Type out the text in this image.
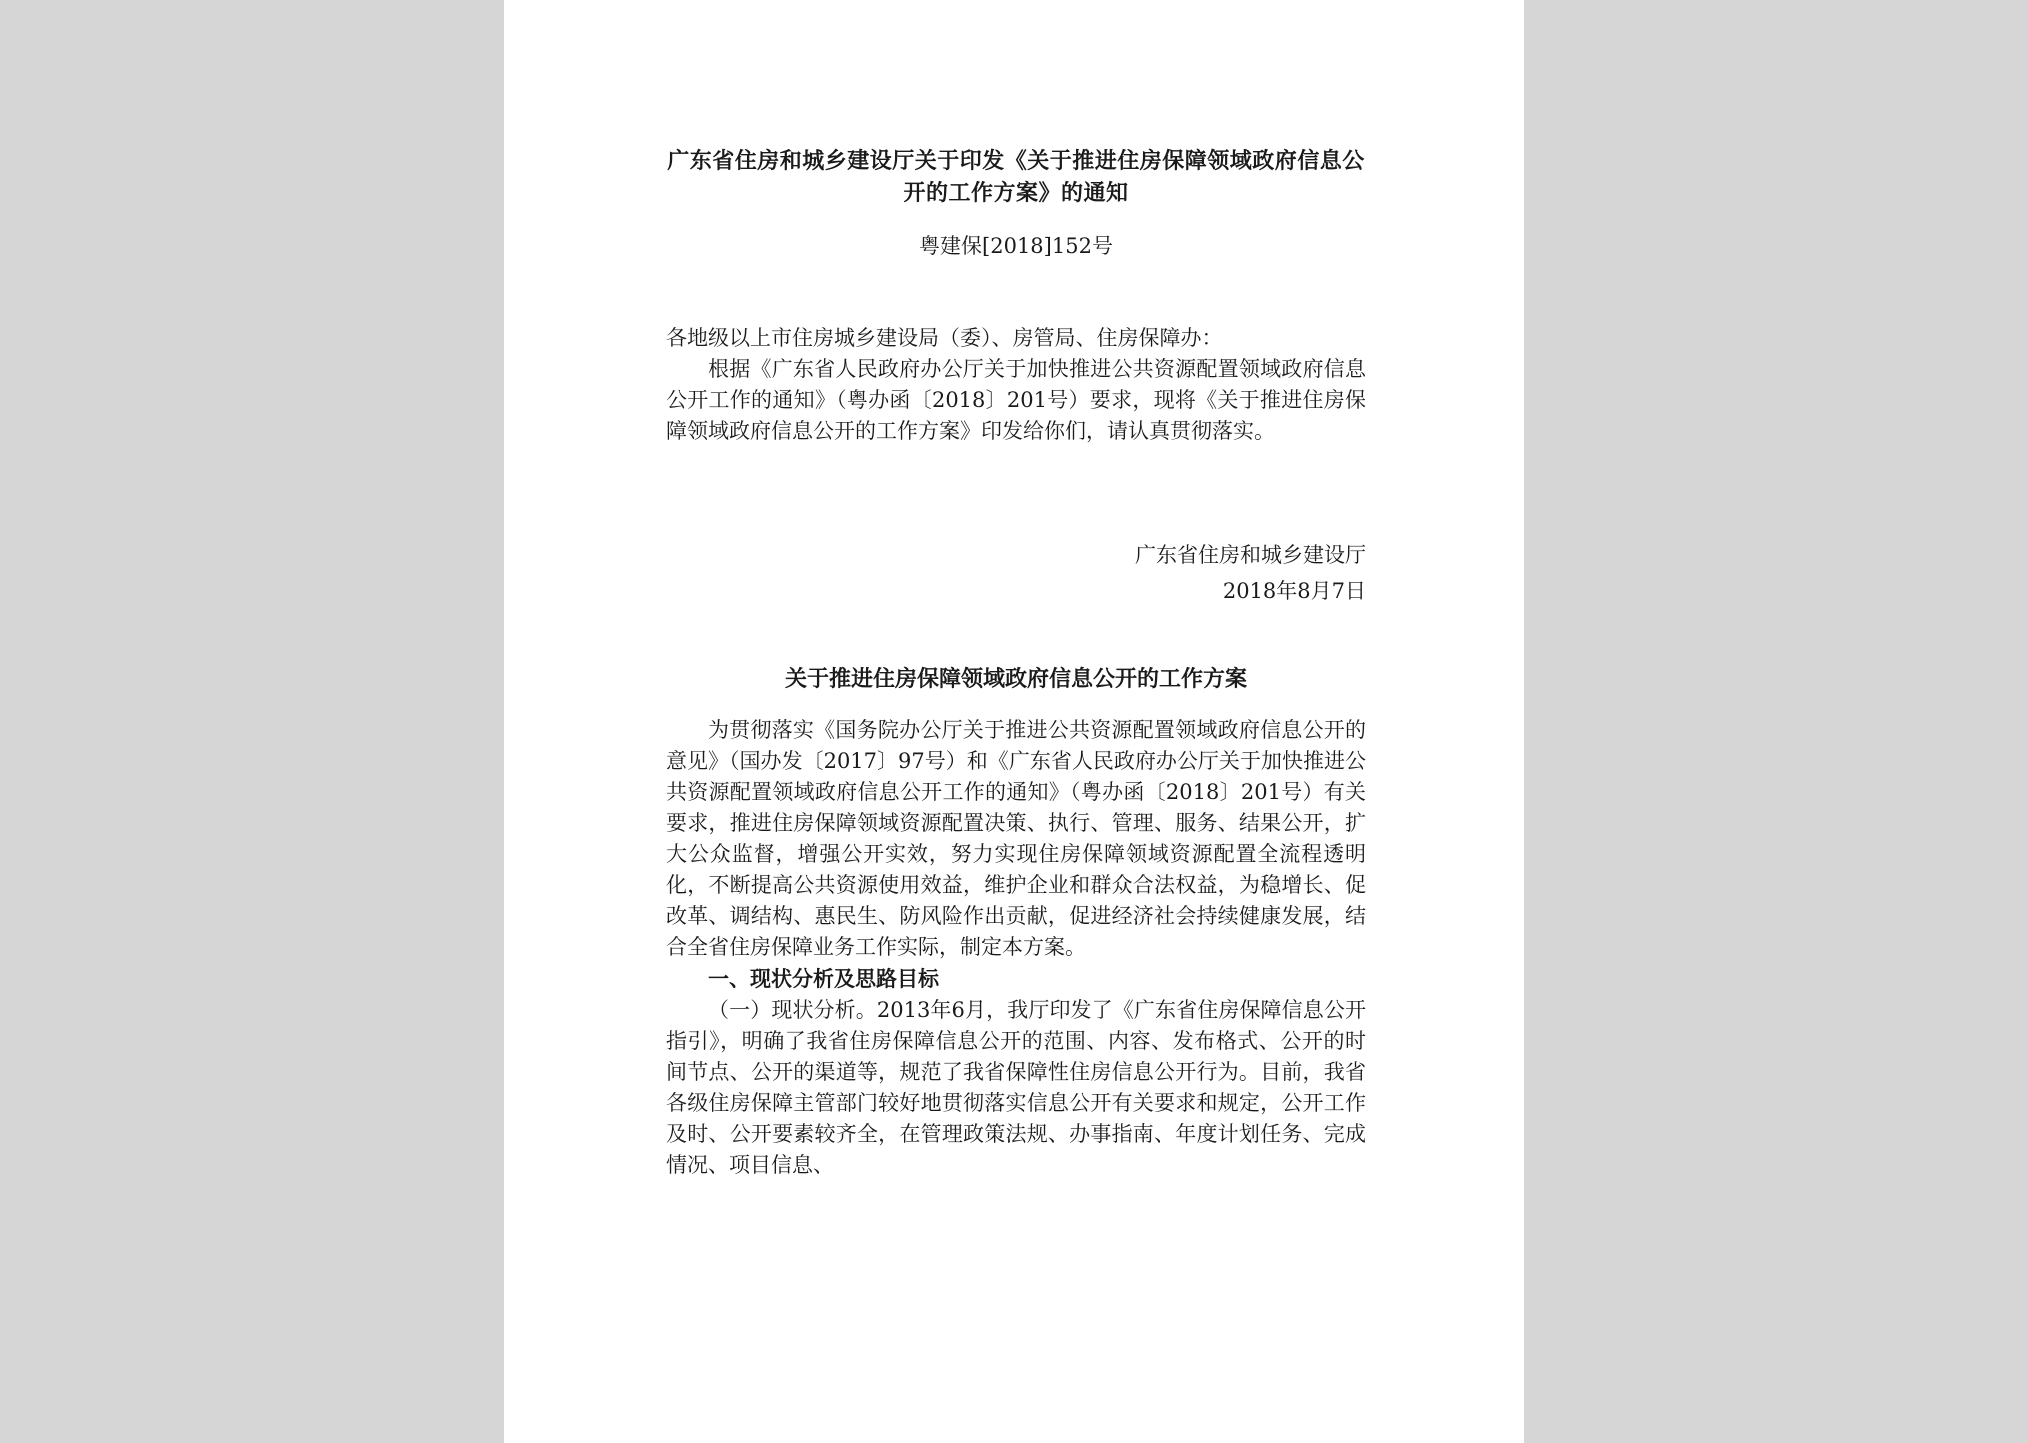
广东省住房和城乡建设厅关于印发《关于推进住房保障领域政府信息公开的工作方案》的通知
粤建保[2018]152号
各地级以上市住房城乡建设局（委）、房管局、住房保障办：

根据《广东省人民政府办公厅关于加快推进公共资源配置领域政府信息公开工作的通知》（粤办函〔2018〕201号）要求，现将《关于推进住房保障领域政府信息公开的工作方案》印发给你们，请认真贯彻落实。

广东省住房和城乡建设厅
2018年8月7日
关于推进住房保障领域政府信息公开的工作方案

为贯彻落实《国务院办公厅关于推进公共资源配置领域政府信息公开的意见》（国办发〔2017〕97号）和《广东省人民政府办公厅关于加快推进公共资源配置领域政府信息公开工作的通知》（粤办函〔2018〕201号）有关要求，推进住房保障领域资源配置决策、执行、管理、服务、结果公开，扩大公众监督，增强公开实效，努力实现住房保障领域资源配置全流程透明化，不断提高公共资源使用效益，维护企业和群众合法权益，为稳增长、促改革、调结构、惠民生、防风险作出贡献，促进经济社会持续健康发展，结合全省住房保障业务工作实际，制定本方案。

一、现状分析及思路目标

（一）现状分析。2013年6月，我厅印发了《广东省住房保障信息公开指引》，明确了我省住房保障信息公开的范围、内容、发布格式、公开的时间节点、公开的渠道等，规范了我省保障性住房信息公开行为。目前，我省各级住房保障主管部门较好地贯彻落实信息公开有关要求和规定，公开工作及时、公开要素较齐全，在管理政策法规、办事指南、年度计划任务、完成情况、项目信息、
